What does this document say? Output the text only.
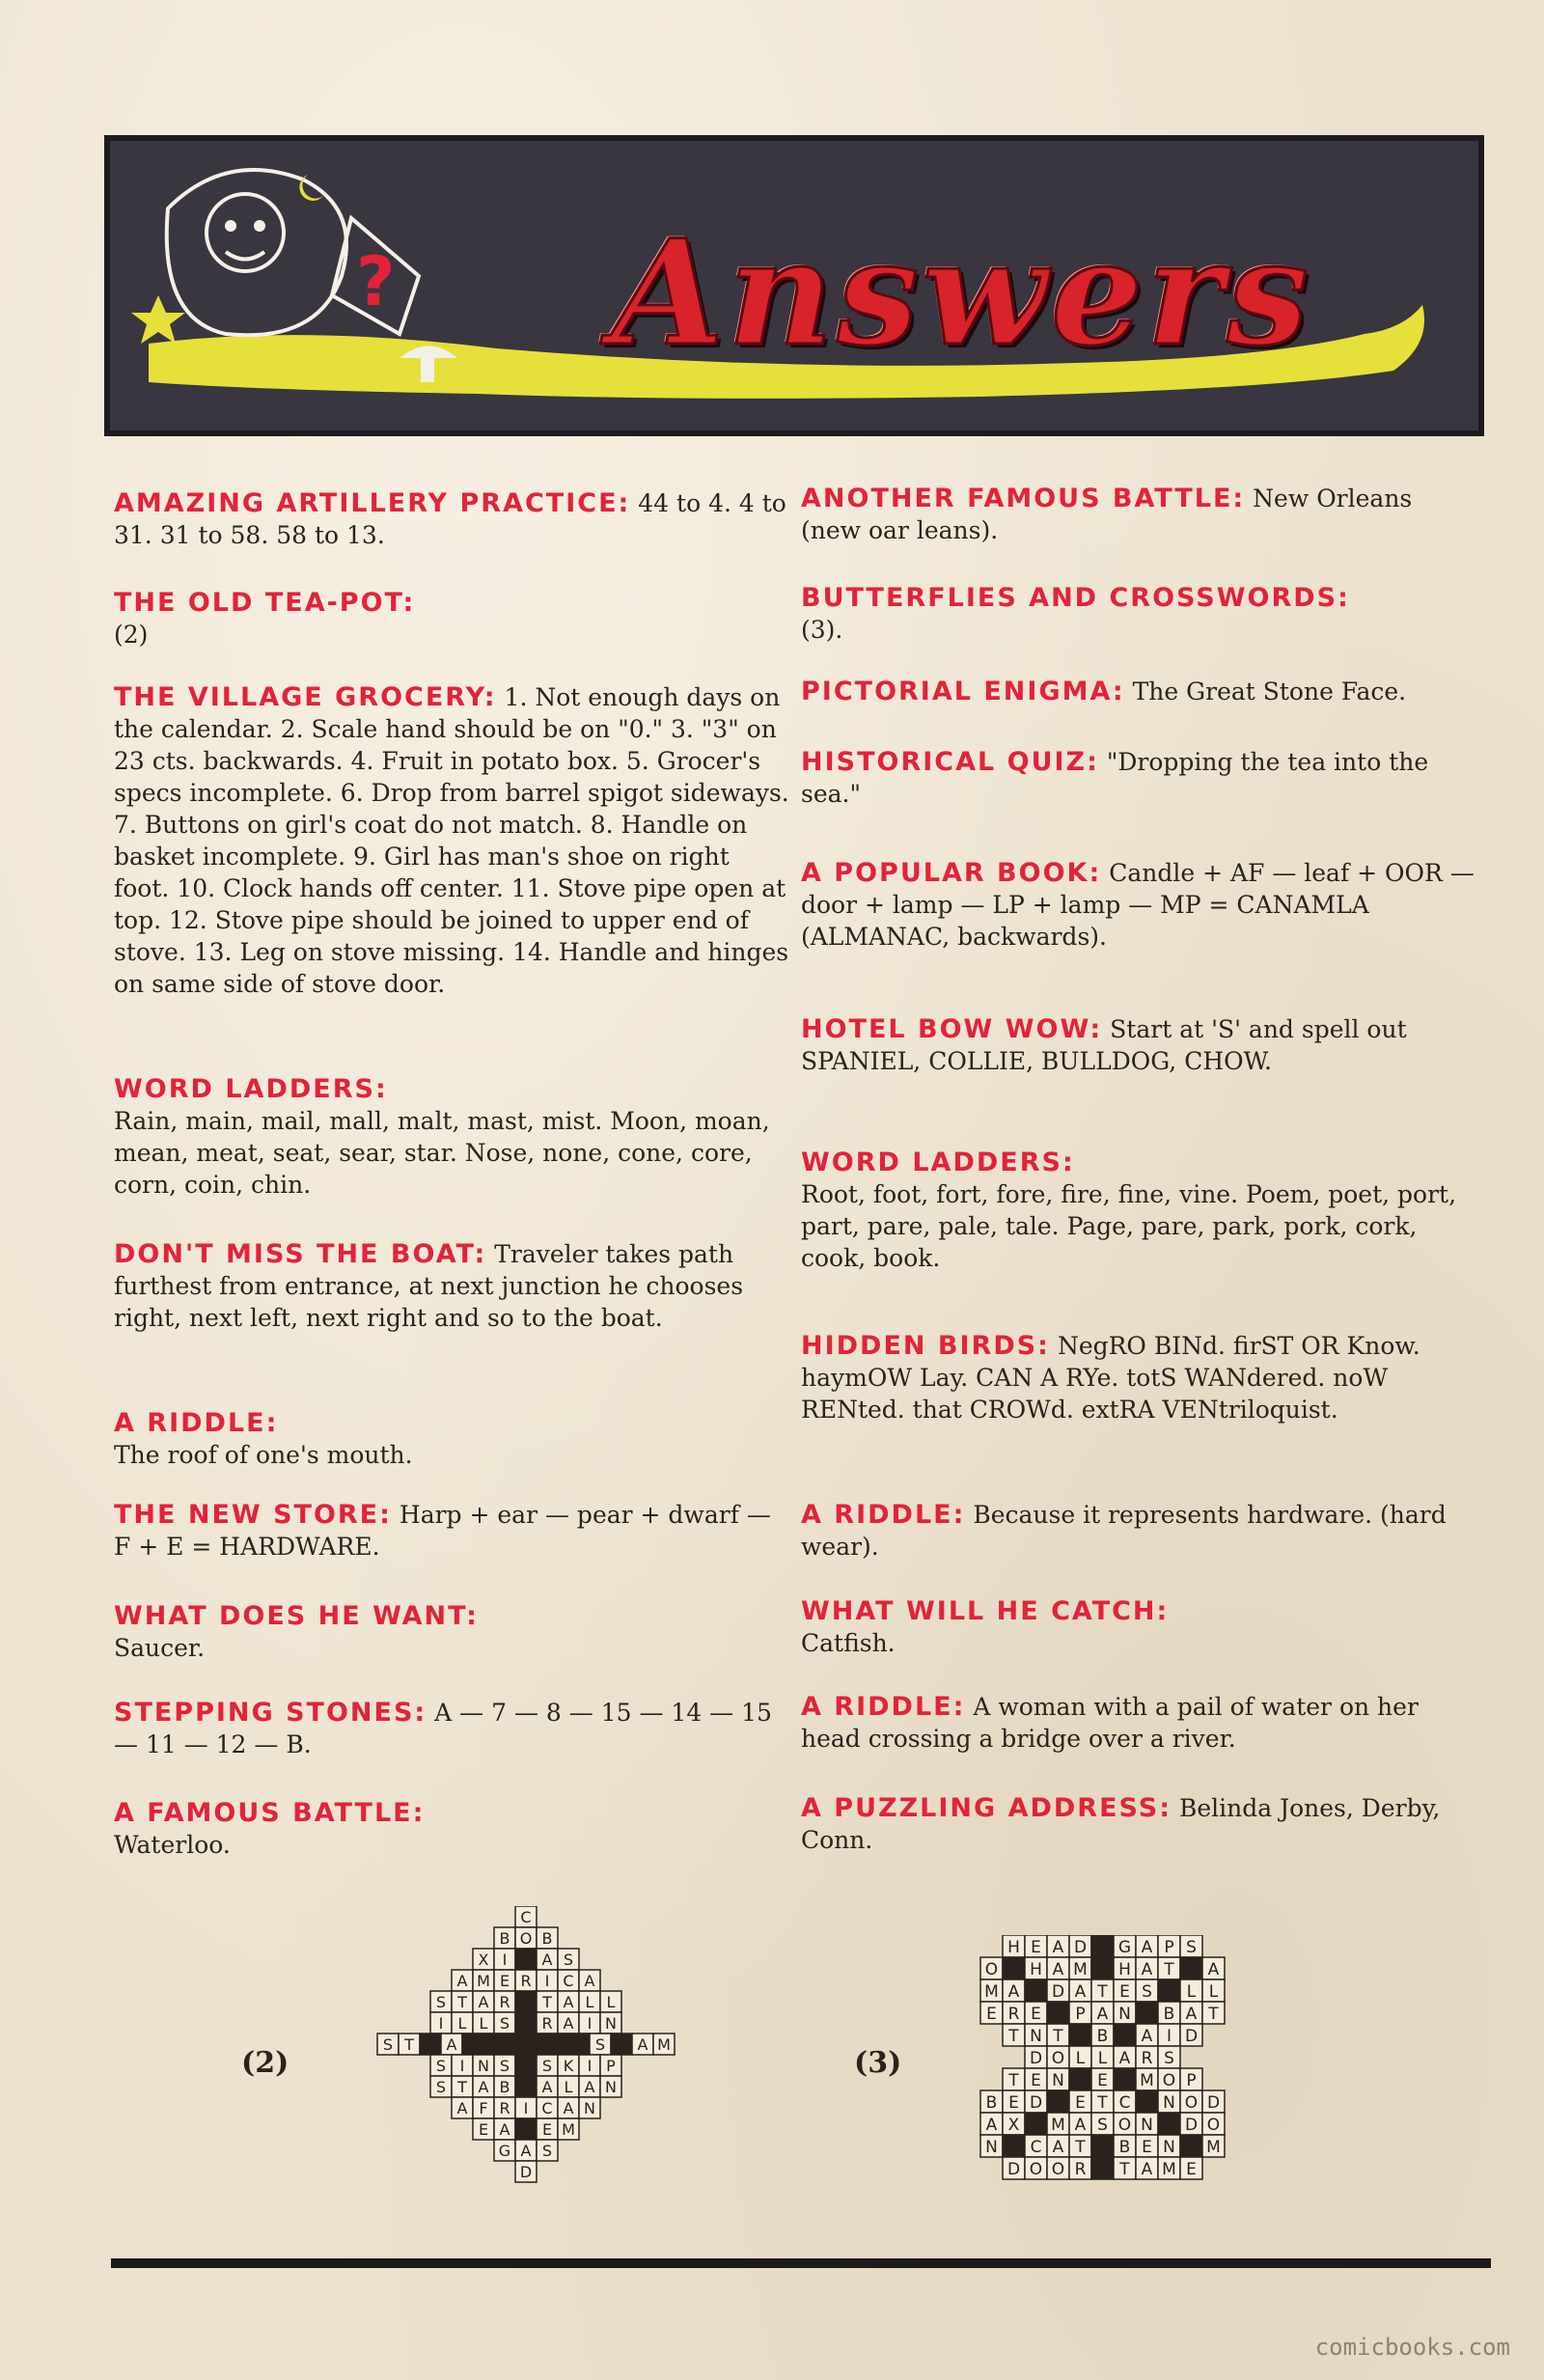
? Answers
AMAZING ARTILLERY PRACTICE: 44 to 4. 4 to 31. 31 to 58. 58 to 13.
THE OLD TEA-POT:
(2)
THE VILLAGE GROCERY: 1. Not enough days on the calendar. 2. Scale hand should be on "0." 3. "3" on 23 cts. backwards. 4. Fruit in potato box. 5. Grocer's specs incomplete. 6. Drop from barrel spigot sideways. 7. Buttons on girl's coat do not match. 8. Handle on basket incomplete. 9. Girl has man's shoe on right foot. 10. Clock hands off center. 11. Stove pipe open at top. 12. Stove pipe should be joined to upper end of stove. 13. Leg on stove missing. 14. Handle and hinges on same side of stove door.
WORD LADDERS:
Rain, main, mail, mall, malt, mast, mist. Moon, moan, mean, meat, seat, sear, star. Nose, none, cone, core, corn, coin, chin.
DON'T MISS THE BOAT: Traveler takes path furthest from entrance, at next junction he chooses right, next left, next right and so to the boat.
A RIDDLE:
The roof of one's mouth.
THE NEW STORE: Harp + ear — pear + dwarf — F + E = HARDWARE.
WHAT DOES HE WANT:
Saucer.
STEPPING STONES: A — 7 — 8 — 15 — 14 — 15 — 11 — 12 — B.
A FAMOUS BATTLE:
Waterloo.
ANOTHER FAMOUS BATTLE: New Orleans (new oar leans).
BUTTERFLIES AND CROSSWORDS:
(3).
PICTORIAL ENIGMA: The Great Stone Face.
HISTORICAL QUIZ: "Dropping the tea into the sea."
A POPULAR BOOK: Candle + AF — leaf + OOR — door + lamp — LP + lamp — MP = CANAMLA (ALMANAC, backwards).
HOTEL BOW WOW: Start at 'S' and spell out SPANIEL, COLLIE, BULLDOG, CHOW.
WORD LADDERS:
Root, foot, fort, fore, fire, fine, vine. Poem, poet, port, part, pare, pale, tale. Page, pare, park, pork, cork, cook, book.
HIDDEN BIRDS: NegRO BINd. firST OR Know. haymOW Lay. CAN A RYe. totS WANdered. noW RENted. that CROWd. extRA VENtriloquist.
A RIDDLE: Because it represents hardware. (hard wear).
WHAT WILL HE CATCH:
Catfish.
A RIDDLE: A woman with a pail of water on her head crossing a bridge over a river.
A PUZZLING ADDRESS: Belinda Jones, Derby, Conn.
(2)
C
B O B
X I A S
A M E R I C A
S T A R T A L L
I L L S R A I N
S T A	S A M
S I N S S K I P
S T A B A L A N
A F R I C A N
E A E M
G A S
D
(3)
H E A D G A P S
O H A M H A T A
M A D A T E S L L
E R E P A N B A T
T N T B A I D
D O L L A R S
T E N E M O P
B E D E T C N O D
A X M A S O N D O
N C A T B E N M
D O O R T A M E
comicbooks.com
